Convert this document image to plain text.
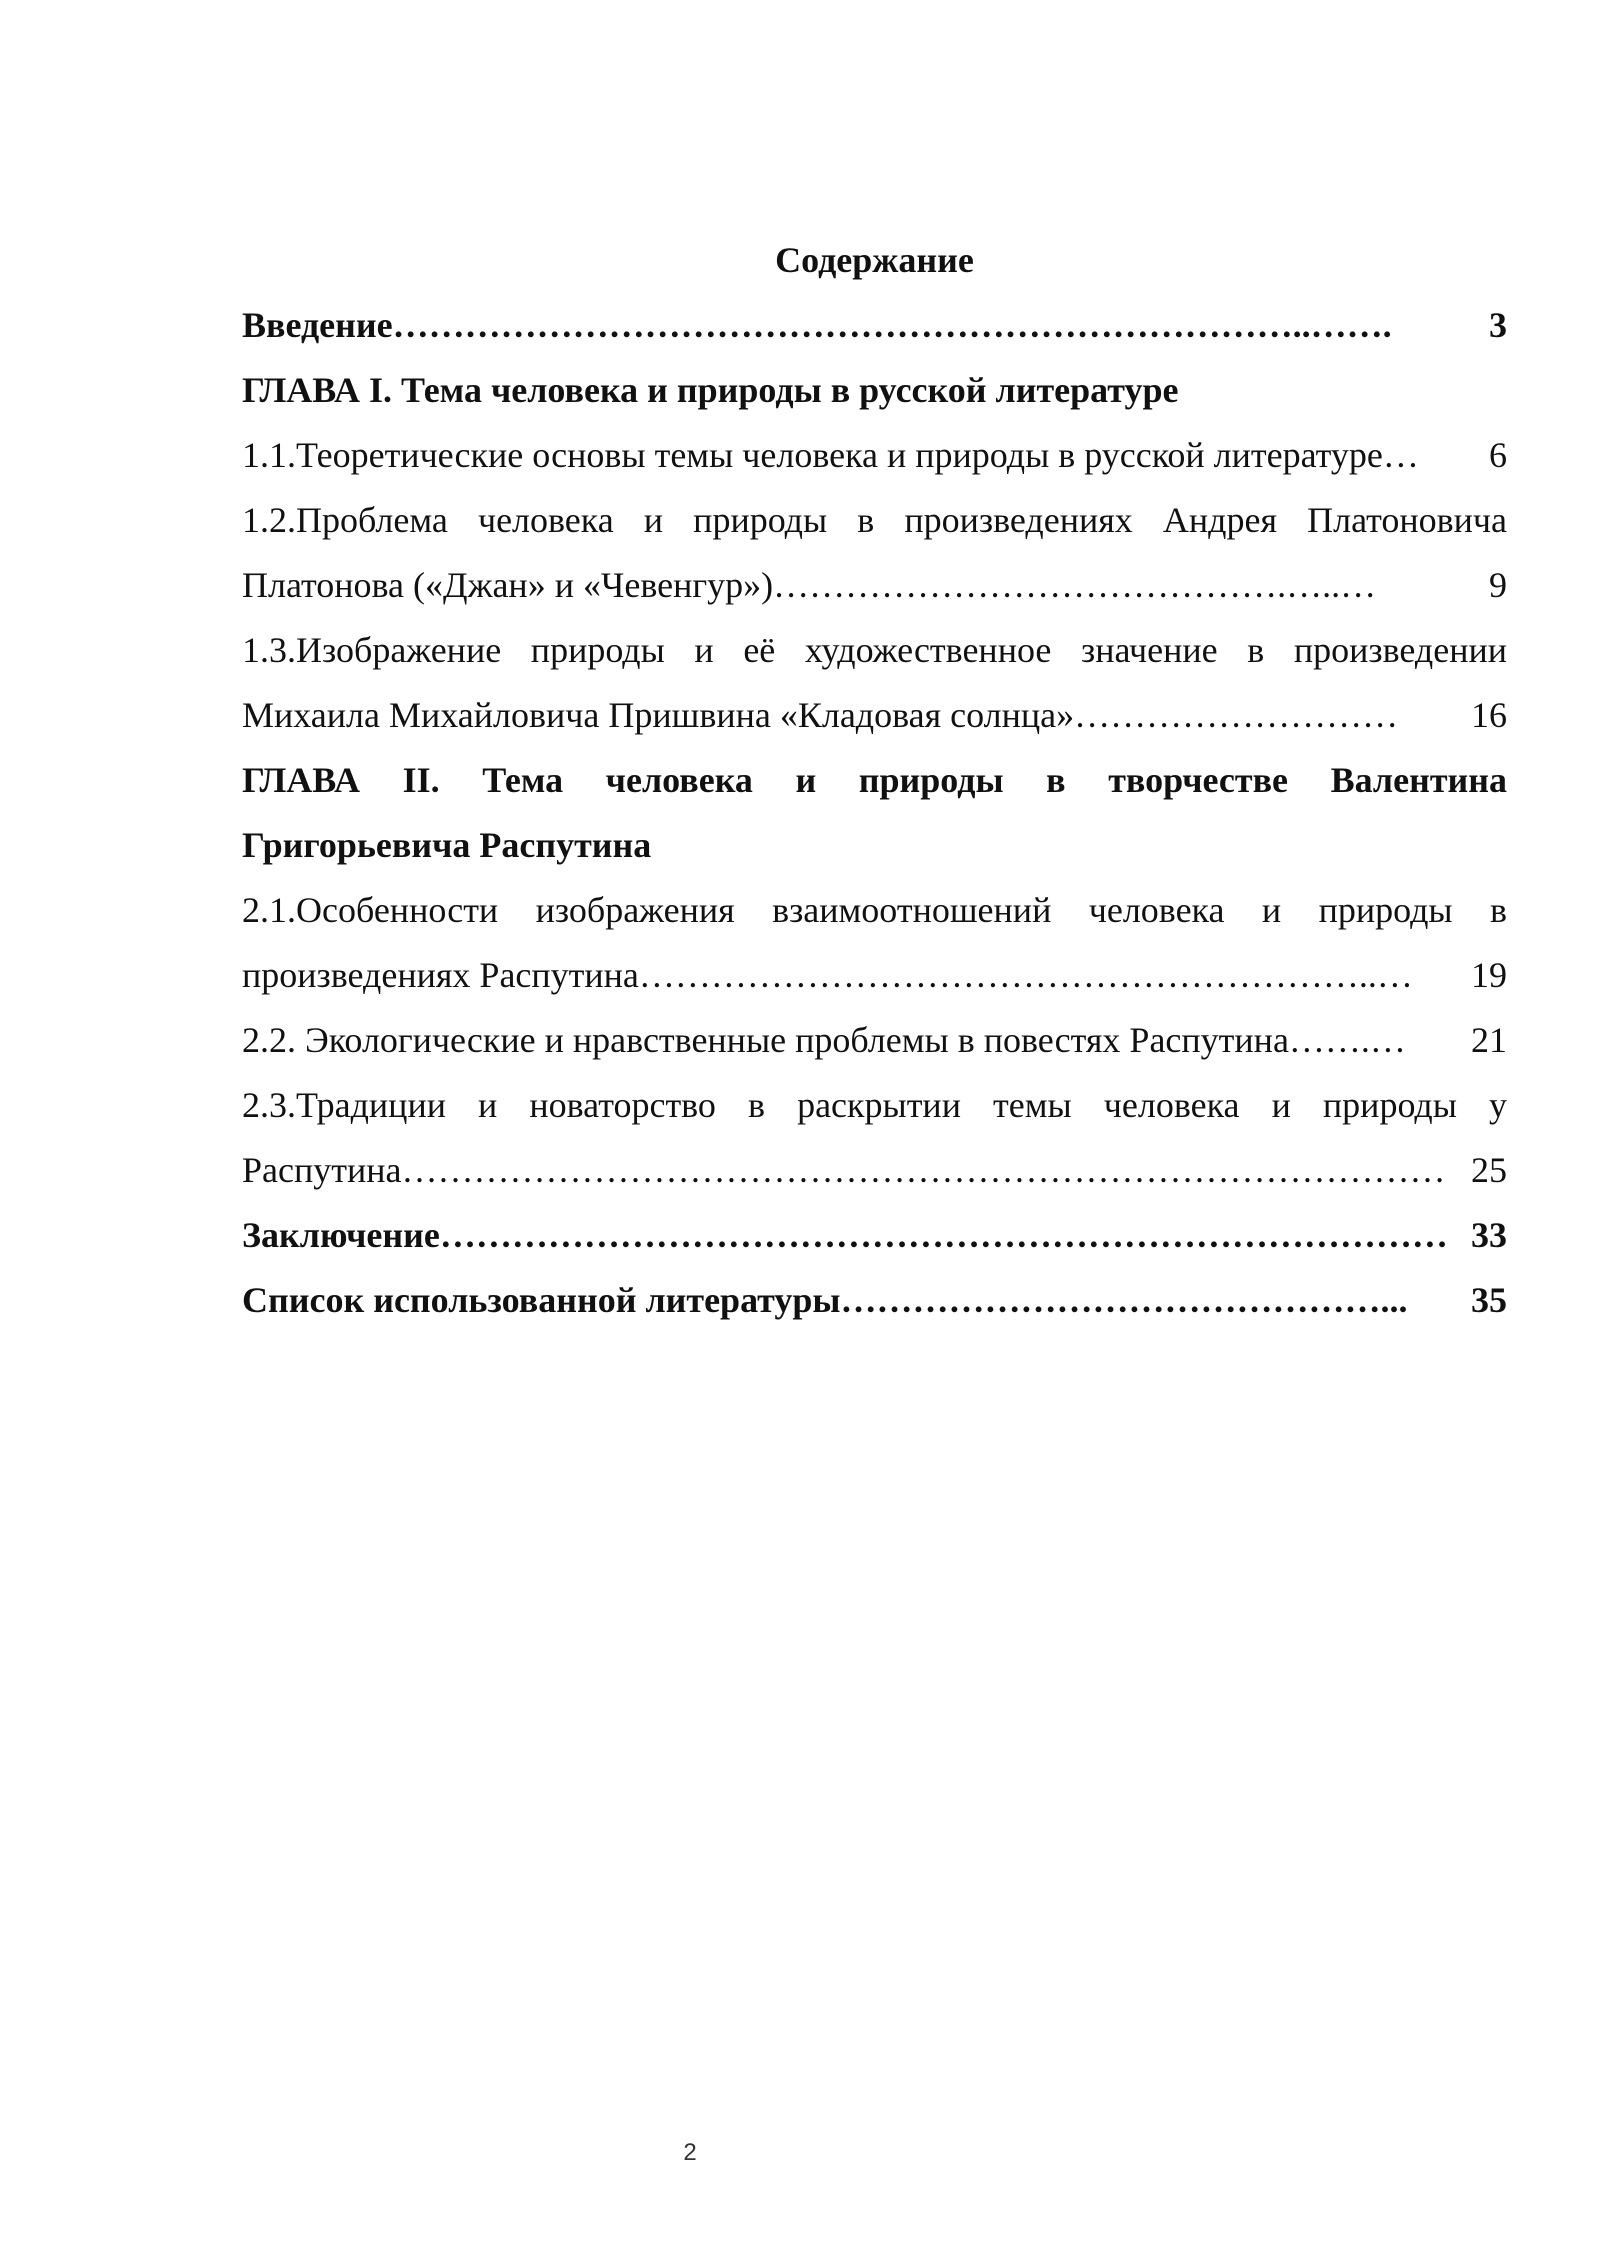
Содержание
Введение…………………………………………………………………..…….	3
ГЛАВА I. Тема человека и природы в русской литературе
1.1.Теоретические основы темы человека и природы в русской литературе…	6
1.2.Проблема человека и природы в произведениях Андрея Платоновича
Платонова («Джан» и «Чевенгур»)…………………………………….…..…	9
1.3.Изображение природы и её художественное значение в произведении
Михаила Михайловича Пришвина «Кладовая солнца»………………………	16
ГЛАВА II. Тема человека и природы в творчестве Валентина
Григорьевича Распутина
2.1.Особенности изображения взаимоотношений человека и природы в
произведениях Распутина……………………………………………………..…	19
2.2. Экологические и нравственные проблемы в повестях Распутина…….…	21
2.3.Традиции и новаторство в раскрытии темы человека и природы у
Распутина…………………………………………………………………………… 25
Заключение………………………………………………………………………… 33
Список использованной литературы………………………………………...	35
2
